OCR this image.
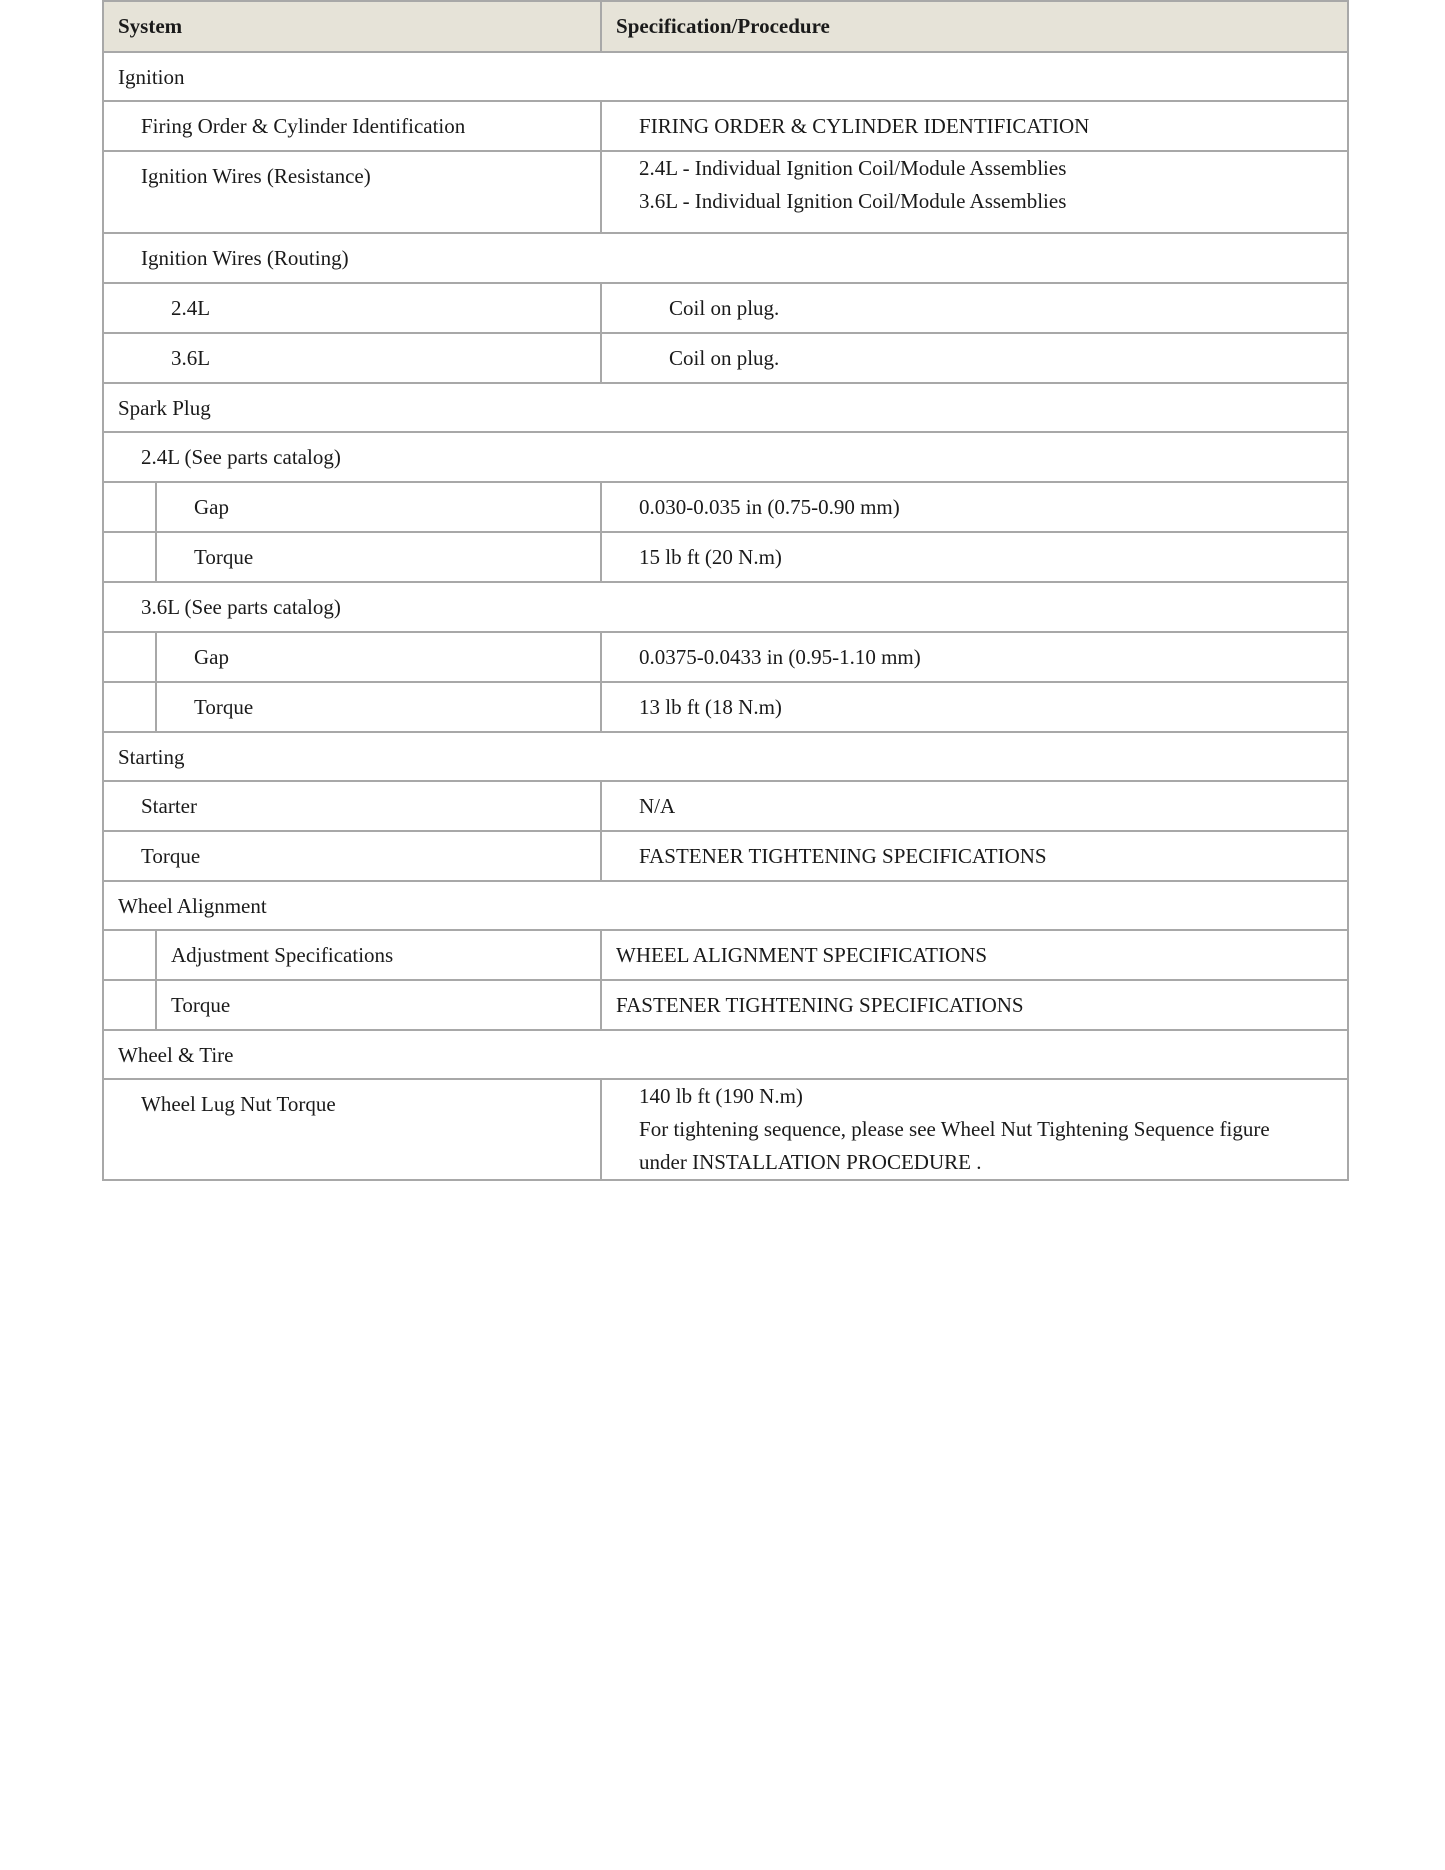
System		Specification/Procedure

Ignition		

Firing Order & Cylinder Identification		FIRING ORDER & CYLINDER IDENTIFICATION

Ignition Wires (Resistance)		2.4L - Individual Ignition Coil/Module Assemblies
3.6L - Individual Ignition Coil/Module Assemblies

Ignition Wires (Routing)		

2.4L		Coil on plug.

3.6L		Coil on plug.

Spark Plug		

2.4L (See parts catalog)		

	Gap	0.030-0.035 in (0.75-0.90 mm)

	Torque	15 lb ft (20 N.m)

3.6L (See parts catalog)		

	Gap	0.0375-0.0433 in (0.95-1.10 mm)

	Torque	13 lb ft (18 N.m)

Starting		

Starter		N/A

Torque		FASTENER TIGHTENING SPECIFICATIONS

Wheel Alignment		

	Adjustment Specifications	WHEEL ALIGNMENT SPECIFICATIONS

	Torque	FASTENER TIGHTENING SPECIFICATIONS

Wheel & Tire		

Wheel Lug Nut Torque		140 lb ft (190 N.m)
For tightening sequence, please see Wheel Nut Tightening Sequence figure
under INSTALLATION PROCEDURE .
